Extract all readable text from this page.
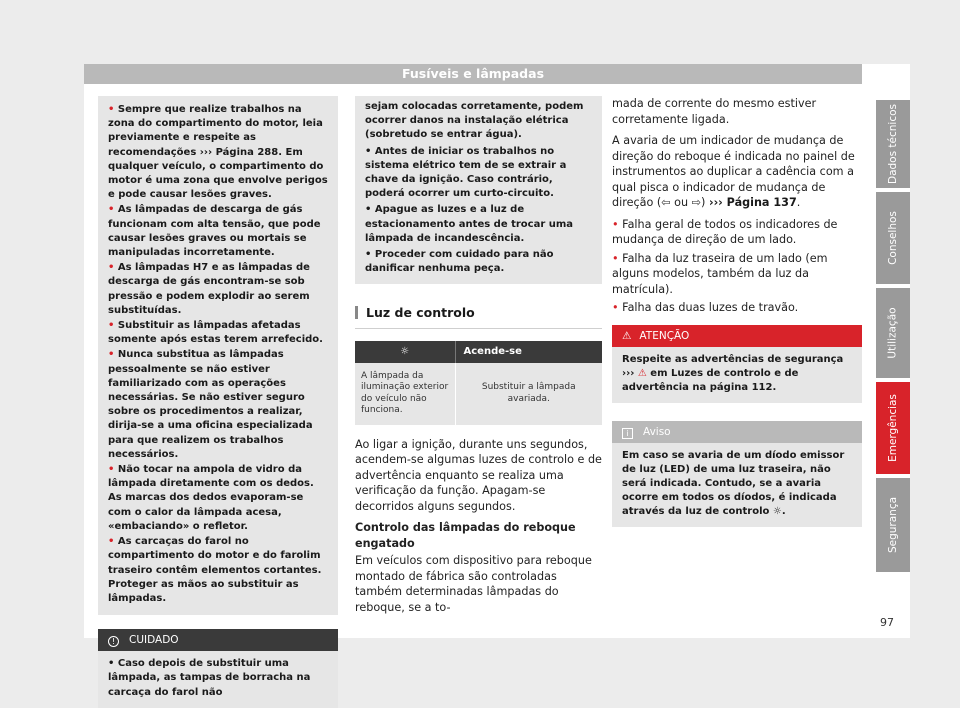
Fusíveis e lâmpadas

• Sempre que realize trabalhos na zona do compartimento do motor, leia previamente e respeite as recomendações ››› Página 288. Em qualquer veículo, o compartimento do motor é uma zona que envolve perigos e pode causar lesões graves.

• As lâmpadas de descarga de gás funcionam com alta tensão, que pode causar lesões graves ou mortais se manipuladas incorretamente.

• As lâmpadas H7 e as lâmpadas de descarga de gás encontram-se sob pressão e podem explodir ao serem substituídas.

• Substituir as lâmpadas afetadas somente após estas terem arrefecido.

• Nunca substitua as lâmpadas pessoalmente se não estiver familiarizado com as operações necessárias. Se não estiver seguro sobre os procedimentos a realizar, dirija-se a uma oficina especializada para que realizem os trabalhos necessários.

• Não tocar na ampola de vidro da lâmpada diretamente com os dedos. As marcas dos dedos evaporam-se com o calor da lâmpada acesa, «embaciando» o refletor.

• As carcaças do farol no compartimento do motor e do farolim traseiro contêm elementos cortantes. Proteger as mãos ao substituir as lâmpadas.

! CUIDADO
• Caso depois de substituir uma lâmpada, as tampas de borracha na carcaça do farol não

sejam colocadas corretamente, podem ocorrer danos na instalação elétrica (sobretudo se entrar água).

• Antes de iniciar os trabalhos no sistema elétrico tem de se extrair a chave da ignição. Caso contrário, poderá ocorrer um curto-circuito.

• Apague as luzes e a luz de estacionamento antes de trocar uma lâmpada de incandescência.

• Proceder com cuidado para não danificar nenhuma peça.

Luz de controlo
☼	Acende-se
A lâmpada da iluminação exterior do veículo não funciona.	Substituir a lâmpada avariada.

Ao ligar a ignição, durante uns segundos, acendem-se algumas luzes de controlo e de advertência enquanto se realiza uma verificação da função. Apagam-se decorridos alguns segundos.

Controlo das lâmpadas do reboque engatado

Em veículos com dispositivo para reboque montado de fábrica são controladas também determinadas lâmpadas do reboque, se a to-

mada de corrente do mesmo estiver corretamente ligada.

A avaria de um indicador de mudança de direção do reboque é indicada no painel de instrumentos ao duplicar a cadência com a qual pisca o indicador de mudança de direção (⇦ ou ⇨) ››› Página 137.

• Falha geral de todos os indicadores de mudança de direção de um lado.

• Falha da luz traseira de um lado (em alguns modelos, também da luz da matrícula).

• Falha das duas luzes de travão.

⚠ ATENÇÃO
Respeite as advertências de segurança ››› ⚠ em Luzes de controlo e de advertência na página 112.
i Aviso
Em caso se avaria de um díodo emissor de luz (LED) de uma luz traseira, não será indicada. Contudo, se a avaria ocorre em todos os díodos, é indicada através da luz de controlo ☼.
Dados técnicos
Conselhos
Utilização
Emergências
Segurança
97
